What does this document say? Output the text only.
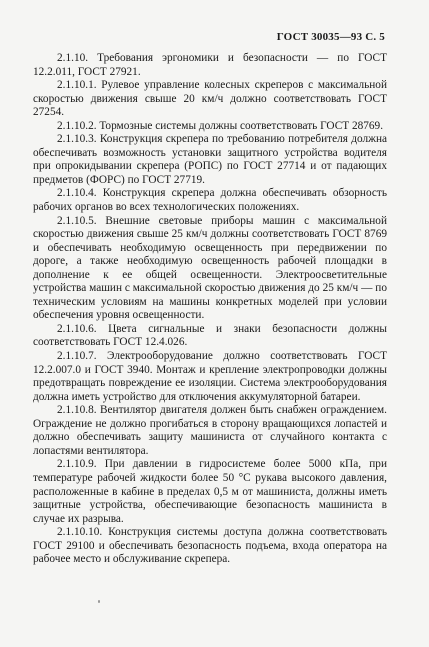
ГОСТ 30035—93 С. 5

2.1.10. Требования эргономики и безопасности — по ГОСТ 12.2.011, ГОСТ 27921.

2.1.10.1. Рулевое управление колесных скреперов с максимальной скоростью движения свыше 20 км/ч должно соответствовать ГОСТ 27254.

2.1.10.2. Тормозные системы должны соответствовать ГОСТ 28769.

2.1.10.3. Конструкция скрепера по требованию потребителя должна обеспечивать возможность установки защитного устройства водителя при опрокидывании скрепера (РОПС) по ГОСТ 27714 и от падающих предметов (ФОРС) по ГОСТ 27719.

2.1.10.4. Конструкция скрепера должна обеспечивать обзорность рабочих органов во всех технологических положениях.

2.1.10.5. Внешние световые приборы машин с максимальной скоростью движения свыше 25 км/ч должны соответствовать ГОСТ 8769 и обеспечивать необходимую освещенность при передвижении по дороге, а также необходимую освещенность рабочей площадки в дополнение к ее общей освещенности. Электроосветительные устройства машин с максимальной скоростью движения до 25 км/ч — по техническим условиям на машины конкретных моделей при условии обеспечения уровня освещенности.

2.1.10.6. Цвета сигнальные и знаки безопасности должны соответствовать ГОСТ 12.4.026.

2.1.10.7. Электрооборудование должно соответствовать ГОСТ 12.2.007.0 и ГОСТ 3940. Монтаж и крепление электропроводки должны предотвращать повреждение ее изоляции. Система электрооборудования должна иметь устройство для отключения аккумуляторной батареи.

2.1.10.8. Вентилятор двигателя должен быть снабжен ограждением. Ограждение не должно прогибаться в сторону вращающихся лопастей и должно обеспечивать защиту машиниста от случайного контакта с лопастями вентилятора.

2.1.10.9. При давлении в гидросистеме более 5000 кПа, при температуре рабочей жидкости более 50 °С рукава высокого давления, расположенные в кабине в пределах 0,5 м от машиниста, должны иметь защитные устройства, обеспечивающие безопасность машиниста в случае их разрыва.

2.1.10.10. Конструкция системы доступа должна соответствовать ГОСТ 29100 и обеспечивать безопасность подъема, входа оператора на рабочее место и обслуживание скрепера.
